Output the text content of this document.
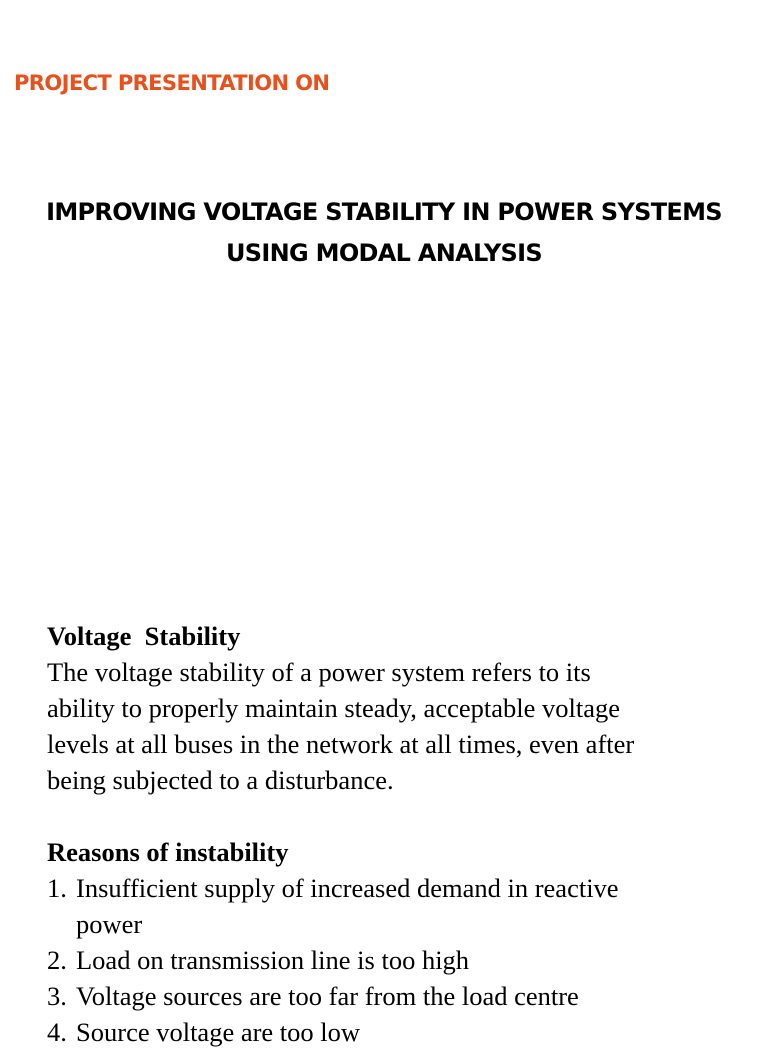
PROJECT PRESENTATION ON

IMPROVING VOLTAGE STABILITY IN POWER SYSTEMS
USING MODAL ANALYSIS
Voltage  Stability

The voltage stability of a power system refers to its
ability to properly maintain steady, acceptable voltage
levels at all buses in the network at all times, even after
being subjected to a disturbance.

Reasons of instability
1. Insufficient supply of increased demand in reactive
power
2. Load on transmission line is too high
3. Voltage sources are too far from the load centre
4. Source voltage are too low
